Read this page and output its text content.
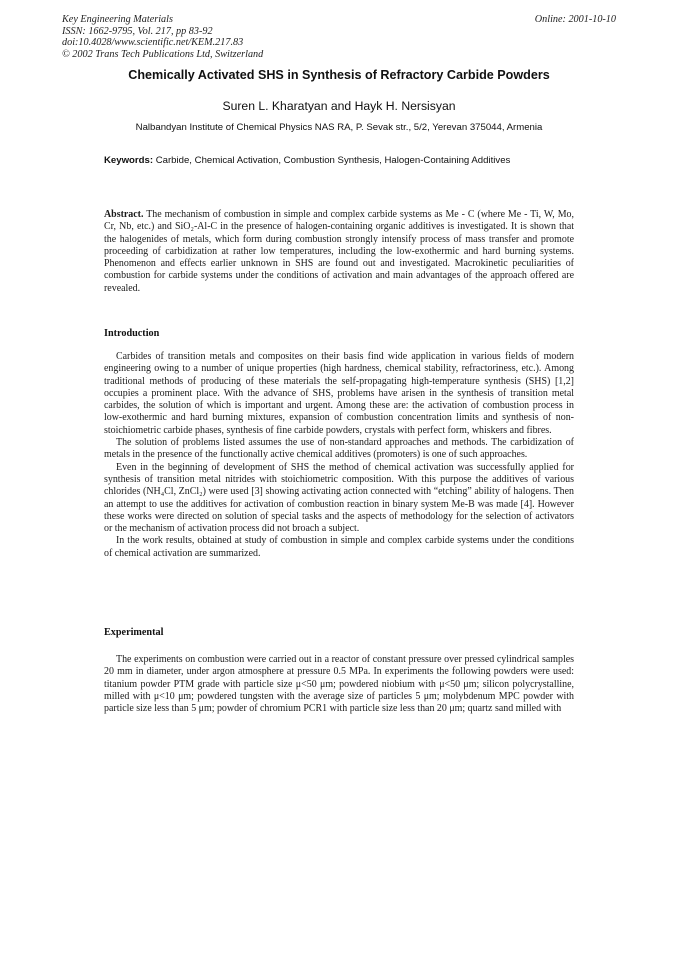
Key Engineering Materials
ISSN: 1662-9795, Vol. 217, pp 83-92
doi:10.4028/www.scientific.net/KEM.217.83
© 2002 Trans Tech Publications Ltd, Switzerland
Online: 2001-10-10
Chemically Activated SHS in Synthesis of Refractory Carbide Powders
Suren L. Kharatyan and Hayk H. Nersisyan
Nalbandyan Institute of Chemical Physics NAS RA, P. Sevak str., 5/2, Yerevan 375044, Armenia
Keywords: Carbide, Chemical Activation, Combustion Synthesis, Halogen-Containing Additives

Abstract. The mechanism of combustion in simple and complex carbide systems as Me - C (where Me - Ti, W, Mo, Cr, Nb, etc.) and SiO₂-Al-C in the presence of halogen-containing organic additives is investigated. It is shown that the halogenides of metals, which form during combustion strongly intensify process of mass transfer and promote proceeding of carbidization at rather low temperatures, including the low-exothermic and hard burning systems. Phenomenon and effects earlier unknown in SHS are found out and investigated. Macrokinetic peculiarities of combustion for carbide systems under the conditions of activation and main advantages of the approach offered are revealed.

Introduction

Carbides of transition metals and composites on their basis find wide application in various fields of modern engineering owing to a number of unique properties (high hardness, chemical stability, refractoriness, etc.). Among traditional methods of producing of these materials the self-propagating high-temperature synthesis (SHS) [1,2] occupies a prominent place. With the advance of SHS, problems have arisen in the synthesis of transition metal carbides, the solution of which is important and urgent. Among these are: the activation of combustion process in low-exothermic and hard burning mixtures, expansion of combustion concentration limits and synthesis of non-stoichiometric carbide phases, synthesis of fine carbide powders, crystals with perfect form, whiskers and fibres.

The solution of problems listed assumes the use of non-standard approaches and methods. The carbidization of metals in the presence of the functionally active chemical additives (promoters) is one of such approaches.

Even in the beginning of development of SHS the method of chemical activation was successfully applied for synthesis of transition metal nitrides with stoichiometric composition. With this purpose the additives of various chlorides (NH₄Cl, ZnCl₂) were used [3] showing activating action connected with “etching” ability of halogens. Then an attempt to use the additives for activation of combustion reaction in binary system Me-B was made [4]. However these works were directed on solution of special tasks and the aspects of methodology for the selection of activators or the mechanism of activation process did not broach a subject.

In the work results, obtained at study of combustion in simple and complex carbide systems under the conditions of chemical activation are summarized.

Experimental

The experiments on combustion were carried out in a reactor of constant pressure over pressed cylindrical samples 20 mm in diameter, under argon atmosphere at pressure 0.5 MPa. In experiments the following powders were used: titanium powder PTM grade with particle size μ<50 μm; powdered niobium with μ<50 μm; silicon polycrystalline, milled with μ<10 μm; powdered tungsten with the average size of particles 5 μm; molybdenum MPC powder with particle size less than 5 μm; powder of chromium PCR1 with particle size less than 20 μm; quartz sand milled with
